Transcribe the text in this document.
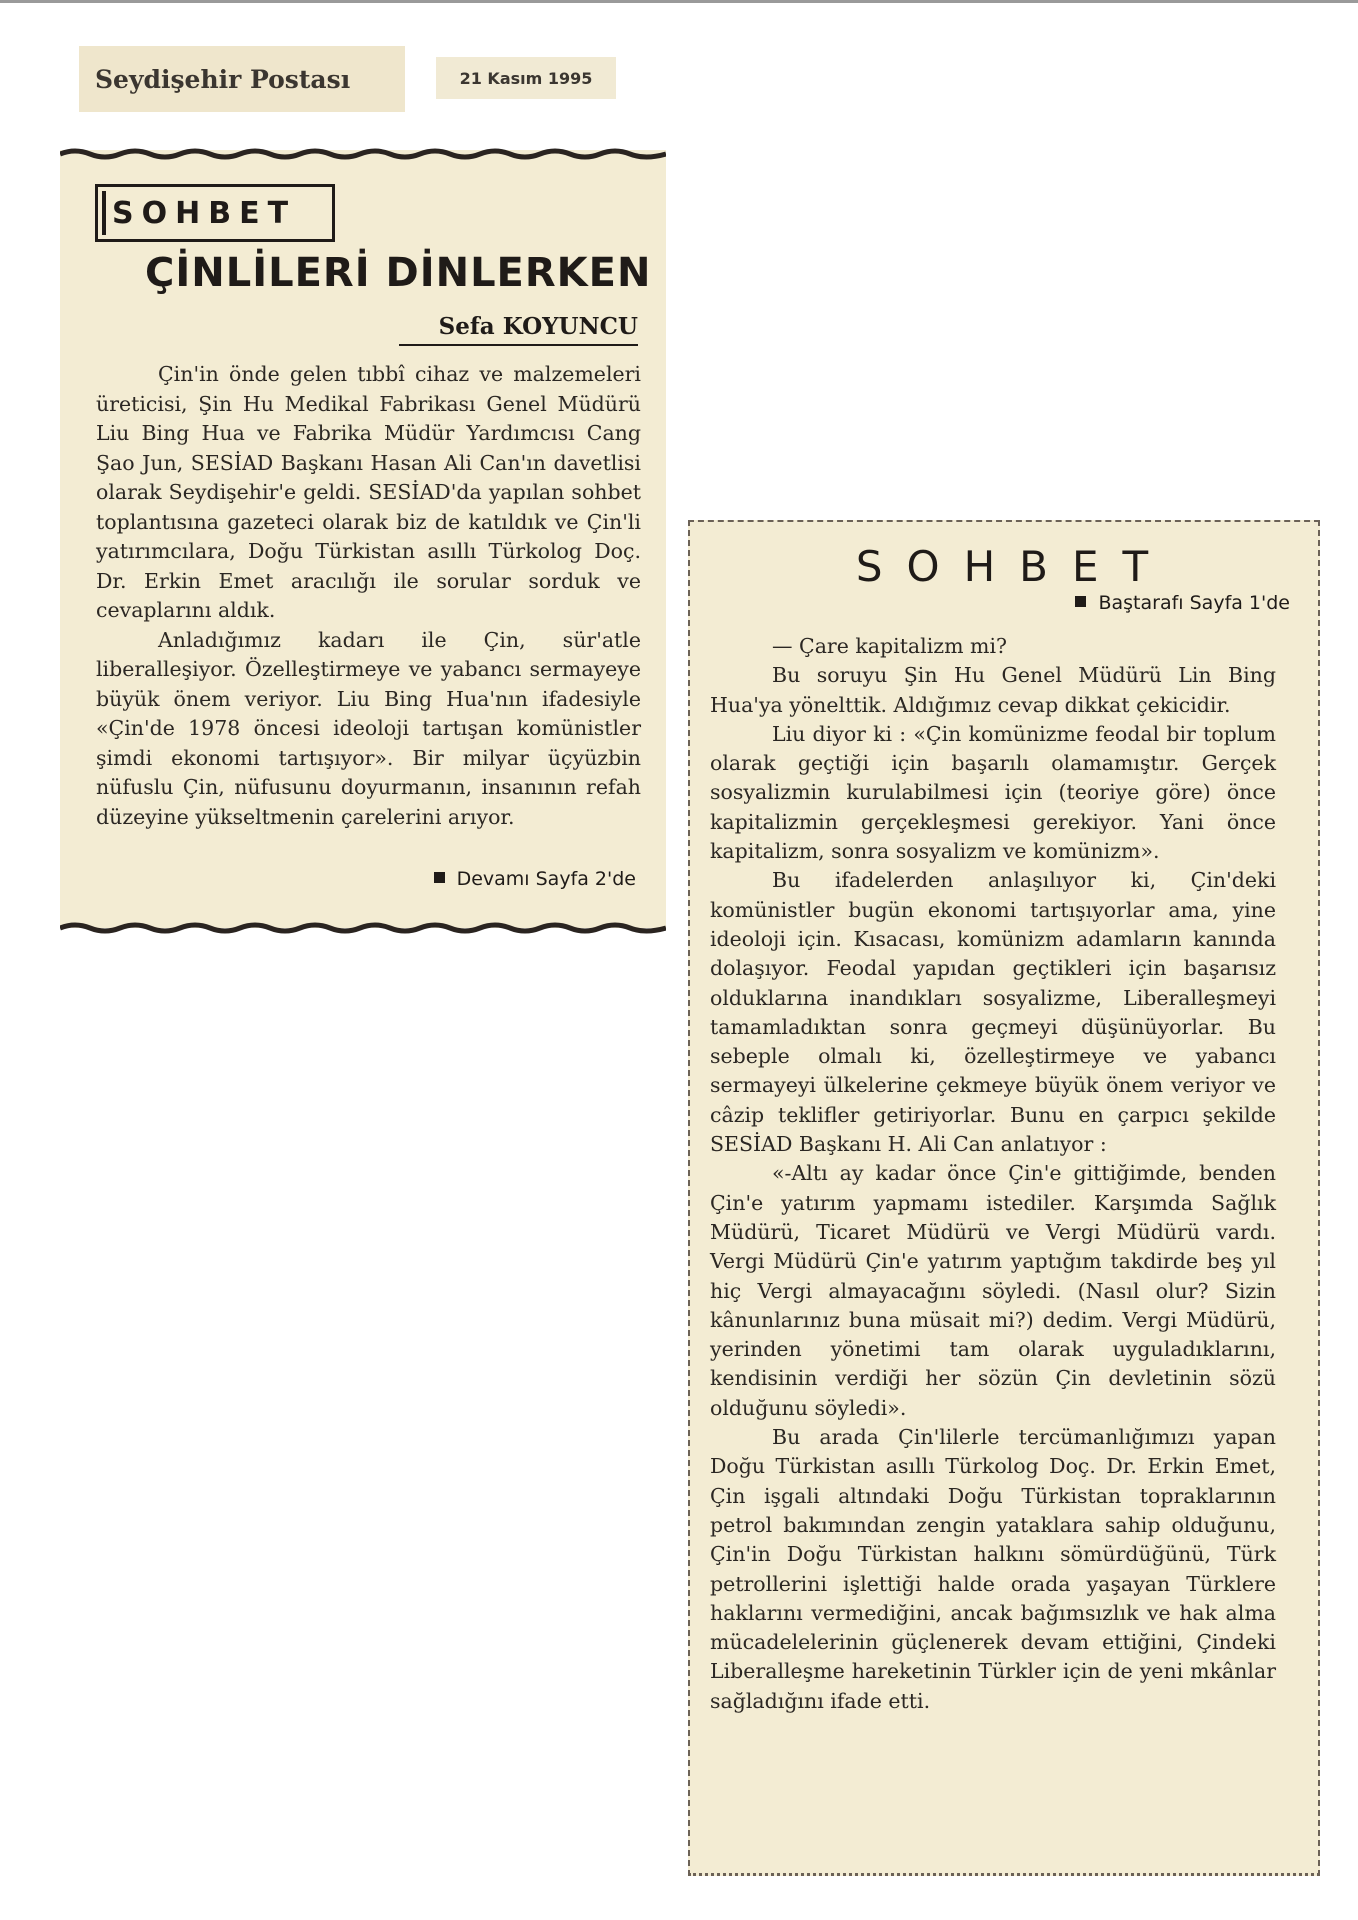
Seydişehir Postası	21 Kasım 1995
SOHBET
ÇİNLİLERİ DİNLERKEN
Sefa KOYUNCU

Çin'in önde gelen tıbbî cihaz ve malzemeleri üreticisi, Şin Hu Medikal Fabrikası Genel Müdürü Liu Bing Hua ve Fabrika Müdür Yardımcısı Cang Şao Jun, SESİAD Başkanı Hasan Ali Can'ın davetlisi olarak Seydişehir'e geldi. SESİAD'da yapılan sohbet toplantısına gazeteci olarak biz de katıldık ve Çin'li yatırımcılara, Doğu Türkistan asıllı Türkolog Doç. Dr. Erkin Emet aracılığı ile sorular sorduk ve cevaplarını aldık.

Anladığımız kadarı ile Çin, sür'atle liberalleşiyor. Özelleştirmeye ve yabancı sermayeye büyük önem veriyor. Liu Bing Hua'nın ifadesiyle «Çin'de 1978 öncesi ideoloji tartışan komünistler şimdi ekonomi tartışıyor». Bir milyar üçyüzbin nüfuslu Çin, nüfusunu doyurmanın, insanının refah düzeyine yükseltmenin çarelerini arıyor.

Devamı Sayfa 2'de
SOHBET
Baştarafı Sayfa 1'de

— Çare kapitalizm mi?

Bu soruyu Şin Hu Genel Müdürü Lin Bing Hua'ya yönelttik. Aldığımız cevap dikkat çekicidir.

Liu diyor ki : «Çin komünizme feodal bir toplum olarak geçtiği için başarılı olamamıştır. Gerçek sosyalizmin kurulabilmesi için (teoriye göre) önce kapitalizmin gerçekleşmesi gerekiyor. Yani önce kapitalizm, sonra sosyalizm ve komünizm».

Bu ifadelerden anlaşılıyor ki, Çin'deki komünistler bugün ekonomi tartışıyorlar ama, yine ideoloji için. Kısacası, komünizm adamların kanında dolaşıyor. Feodal yapıdan geçtikleri için başarısız olduklarına inandıkları sosyalizme, Liberalleşmeyi tamamladıktan sonra geçmeyi düşünüyorlar. Bu sebeple olmalı ki, özelleştirmeye ve yabancı sermayeyi ülkelerine çekmeye büyük önem veriyor ve câzip teklifler getiriyorlar. Bunu en çarpıcı şekilde SESİAD Başkanı H. Ali Can anlatıyor :

«-Altı ay kadar önce Çin'e gittiğimde, benden Çin'e yatırım yapmamı istediler. Karşımda Sağlık Müdürü, Ticaret Müdürü ve Vergi Müdürü vardı. Vergi Müdürü Çin'e yatırım yaptığım takdirde beş yıl hiç Vergi almayacağını söyledi. (Nasıl olur? Sizin kânunlarınız buna müsait mi?) dedim. Vergi Müdürü, yerinden yönetimi tam olarak uyguladıklarını, kendisinin verdiği her sözün Çin devletinin sözü olduğunu söyledi».

Bu arada Çin'lilerle tercümanlığımızı yapan Doğu Türkistan asıllı Türkolog Doç. Dr. Erkin Emet, Çin işgali altındaki Doğu Türkistan topraklarının petrol bakımından zengin yataklara sahip olduğunu, Çin'in Doğu Türkistan halkını sömürdüğünü, Türk petrollerini işlettiği halde orada yaşayan Türklere haklarını vermediğini, ancak bağımsızlık ve hak alma mücadelelerinin güçlenerek devam ettiğini, Çindeki Liberalleşme hareketinin Türkler için de yeni mkânlar sağladığını ifade etti.
